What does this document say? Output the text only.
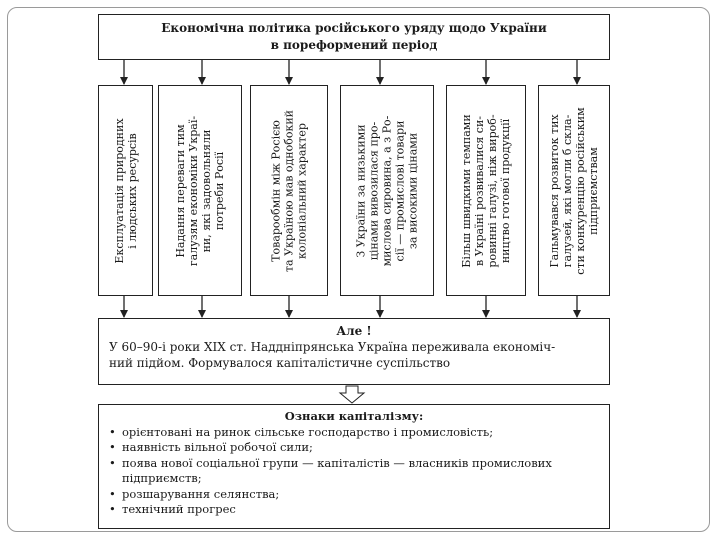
Економічна політика російського уряду щодо України
в пореформений період
Експлуатація природних і людських ресурсів	Надання переваги тим галузям економіки Украї- ни, які задовольняли потреби Росії	Товарообмін між Росією та Україною мав однобокий колоніальний характер	З України за низькими цінами вивозилася про- мислова сировина, а з Ро- сії — промислові товари за високими цінами	Більш швидкими темпами в Україні розвивалися си- ровинні галузі, ніж вироб- ництво готової продукції	Гальмувався розвиток тих галузей, які могли б скла- сти конкуренцію російським підприємствам
Але !
У 60–90-і роки ХІХ ст. Наддніпрянська Україна переживала економіч-
ний підйом. Формувалося капіталістичне суспільство
Ознаки капіталізму:
• орієнтовані на ринок сільське господарство і промисловість;
• наявність вільної робочої сили;
• поява нової соціальної групи — капіталістів — власників промислових
підприємств;
• розшарування селянства;
• технічний прогрес
